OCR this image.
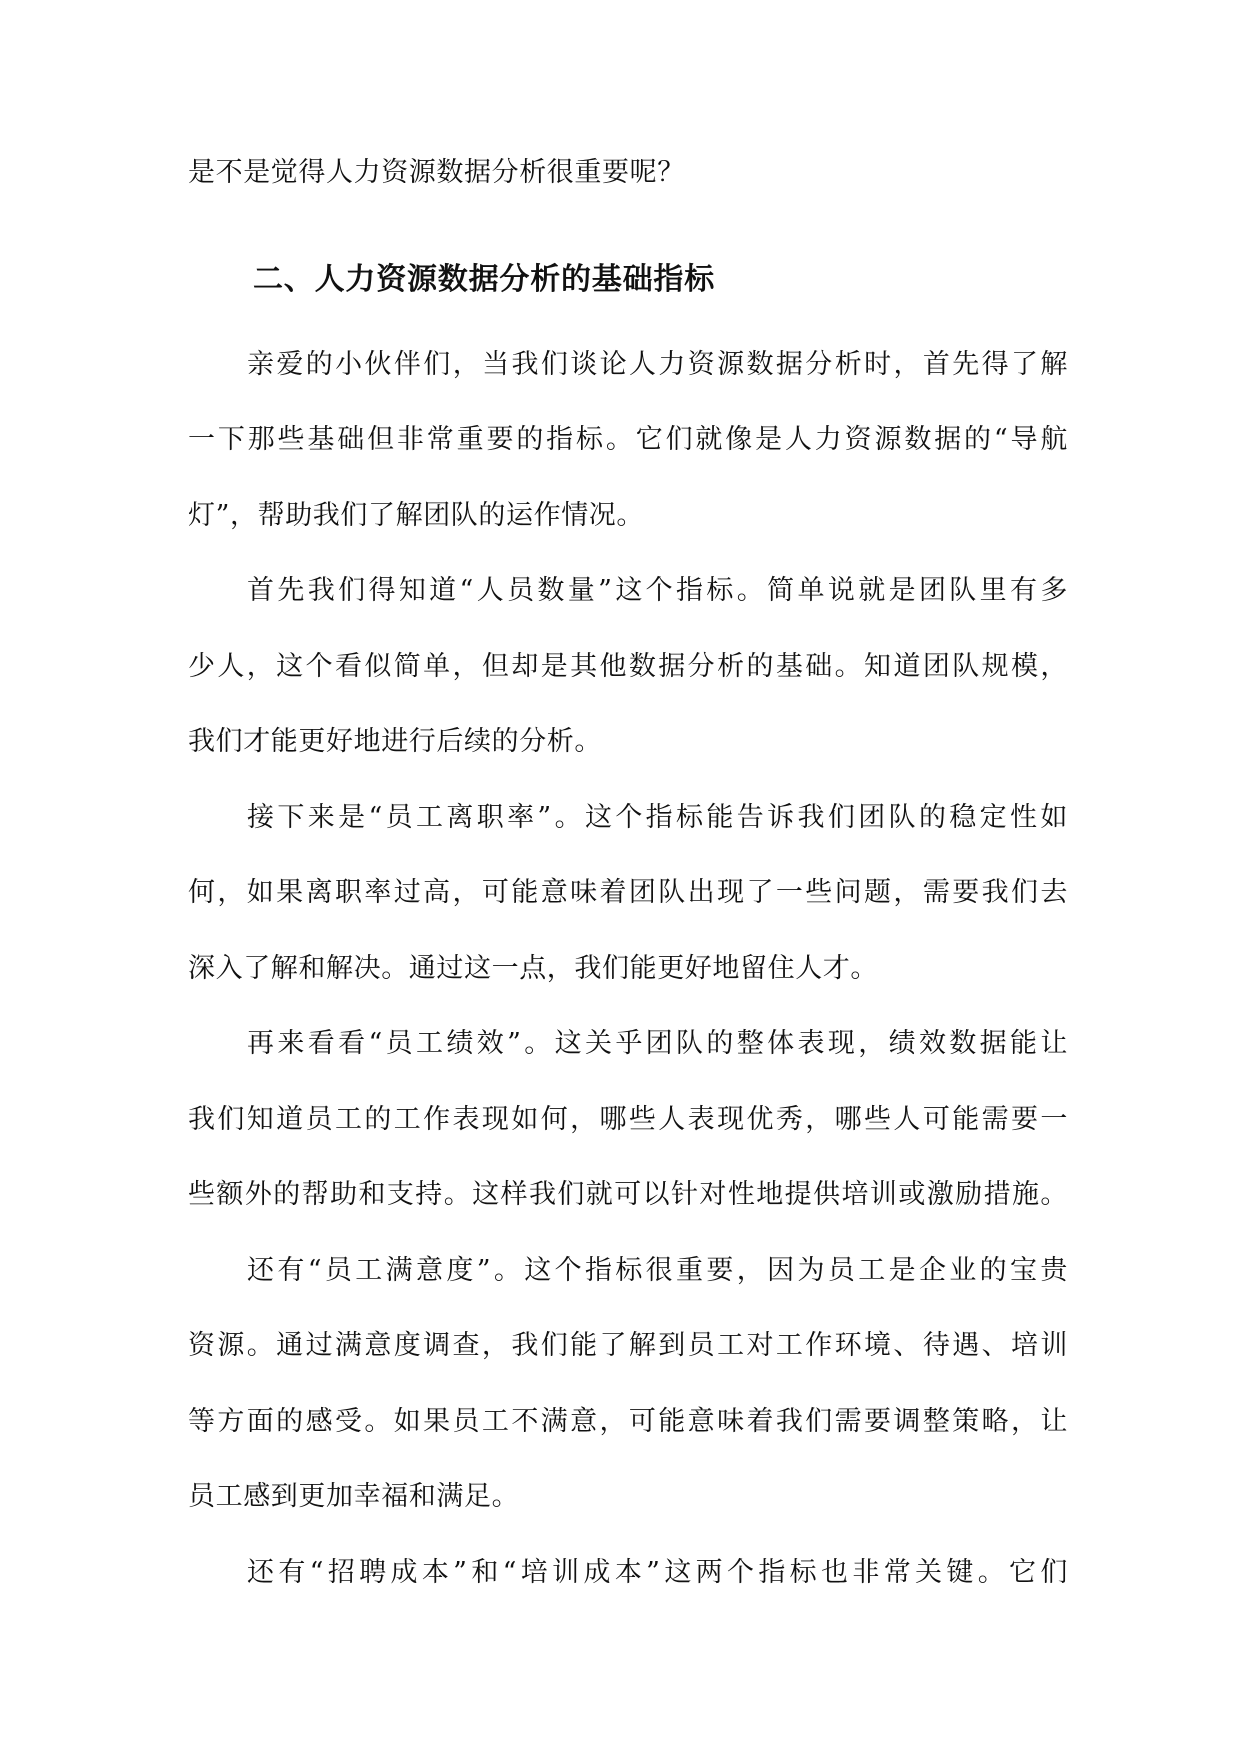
是不是觉得人力资源数据分析很重要呢？
二、人力资源数据分析的基础指标
亲爱的小伙伴们，当我们谈论人力资源数据分析时，首先得了解
一下那些基础但非常重要的指标。它们就像是人力资源数据的“导航
灯”，帮助我们了解团队的运作情况。
首先我们得知道“人员数量”这个指标。简单说就是团队里有多
少人，这个看似简单，但却是其他数据分析的基础。知道团队规模，
我们才能更好地进行后续的分析。
接下来是“员工离职率”。这个指标能告诉我们团队的稳定性如
何，如果离职率过高，可能意味着团队出现了一些问题，需要我们去
深入了解和解决。通过这一点，我们能更好地留住人才。
再来看看“员工绩效”。这关乎团队的整体表现，绩效数据能让
我们知道员工的工作表现如何，哪些人表现优秀，哪些人可能需要一
些额外的帮助和支持。这样我们就可以针对性地提供培训或激励措施。
还有“员工满意度”。这个指标很重要，因为员工是企业的宝贵
资源。通过满意度调查，我们能了解到员工对工作环境、待遇、培训
等方面的感受。如果员工不满意，可能意味着我们需要调整策略，让
员工感到更加幸福和满足。
还有“招聘成本”和“培训成本”这两个指标也非常关键。它们
